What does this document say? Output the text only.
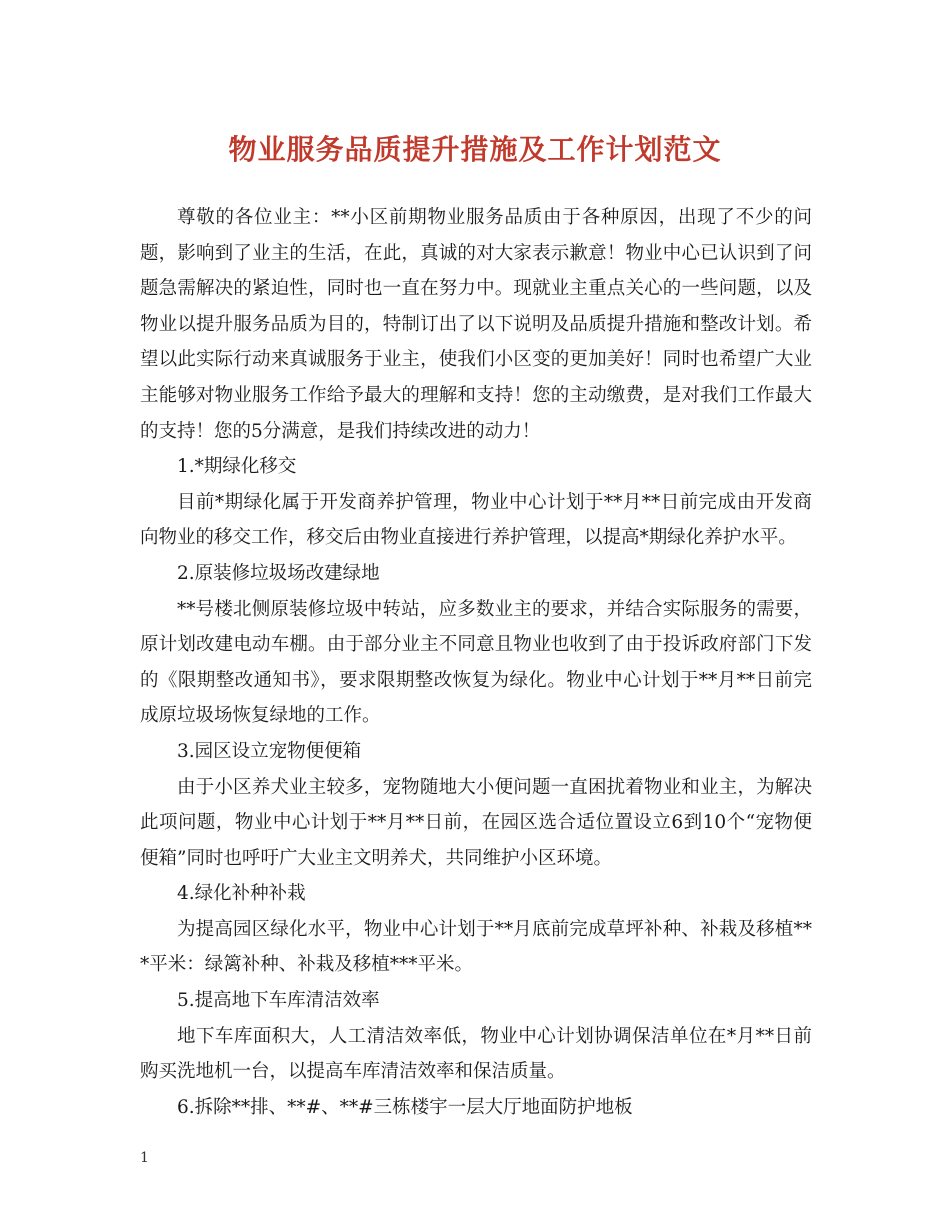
物业服务品质提升措施及工作计划范文

尊敬的各位业主：**小区前期物业服务品质由于各种原因，出现了不少的问题，影响到了业主的生活，在此，真诚的对大家表示歉意！物业中心已认识到了问题急需解决的紧迫性，同时也一直在努力中。现就业主重点关心的一些问题，以及物业以提升服务品质为目的，特制订出了以下说明及品质提升措施和整改计划。希望以此实际行动来真诚服务于业主，使我们小区变的更加美好！同时也希望广大业主能够对物业服务工作给予最大的理解和支持！您的主动缴费，是对我们工作最大的支持！您的5分满意，是我们持续改进的动力！

1.*期绿化移交

目前*期绿化属于开发商养护管理，物业中心计划于**月**日前完成由开发商向物业的移交工作，移交后由物业直接进行养护管理，以提高*期绿化养护水平。

2.原装修垃圾场改建绿地

**号楼北侧原装修垃圾中转站，应多数业主的要求，并结合实际服务的需要，原计划改建电动车棚。由于部分业主不同意且物业也收到了由于投诉政府部门下发的《限期整改通知书》，要求限期整改恢复为绿化。物业中心计划于**月**日前完成原垃圾场恢复绿地的工作。

3.园区设立宠物便便箱

由于小区养犬业主较多，宠物随地大小便问题一直困扰着物业和业主，为解决此项问题，物业中心计划于**月**日前，在园区选合适位置设立6到10个“宠物便便箱”同时也呼吁广大业主文明养犬，共同维护小区环境。

4.绿化补种补栽

为提高园区绿化水平，物业中心计划于**月底前完成草坪补种、补栽及移植***平米：绿篱补种、补栽及移植***平米。

5.提高地下车库清洁效率

地下车库面积大，人工清洁效率低，物业中心计划协调保洁单位在*月**日前购买洗地机一台，以提高车库清洁效率和保洁质量。

6.拆除**排、**#、**#三栋楼宇一层大厅地面防护地板

1
